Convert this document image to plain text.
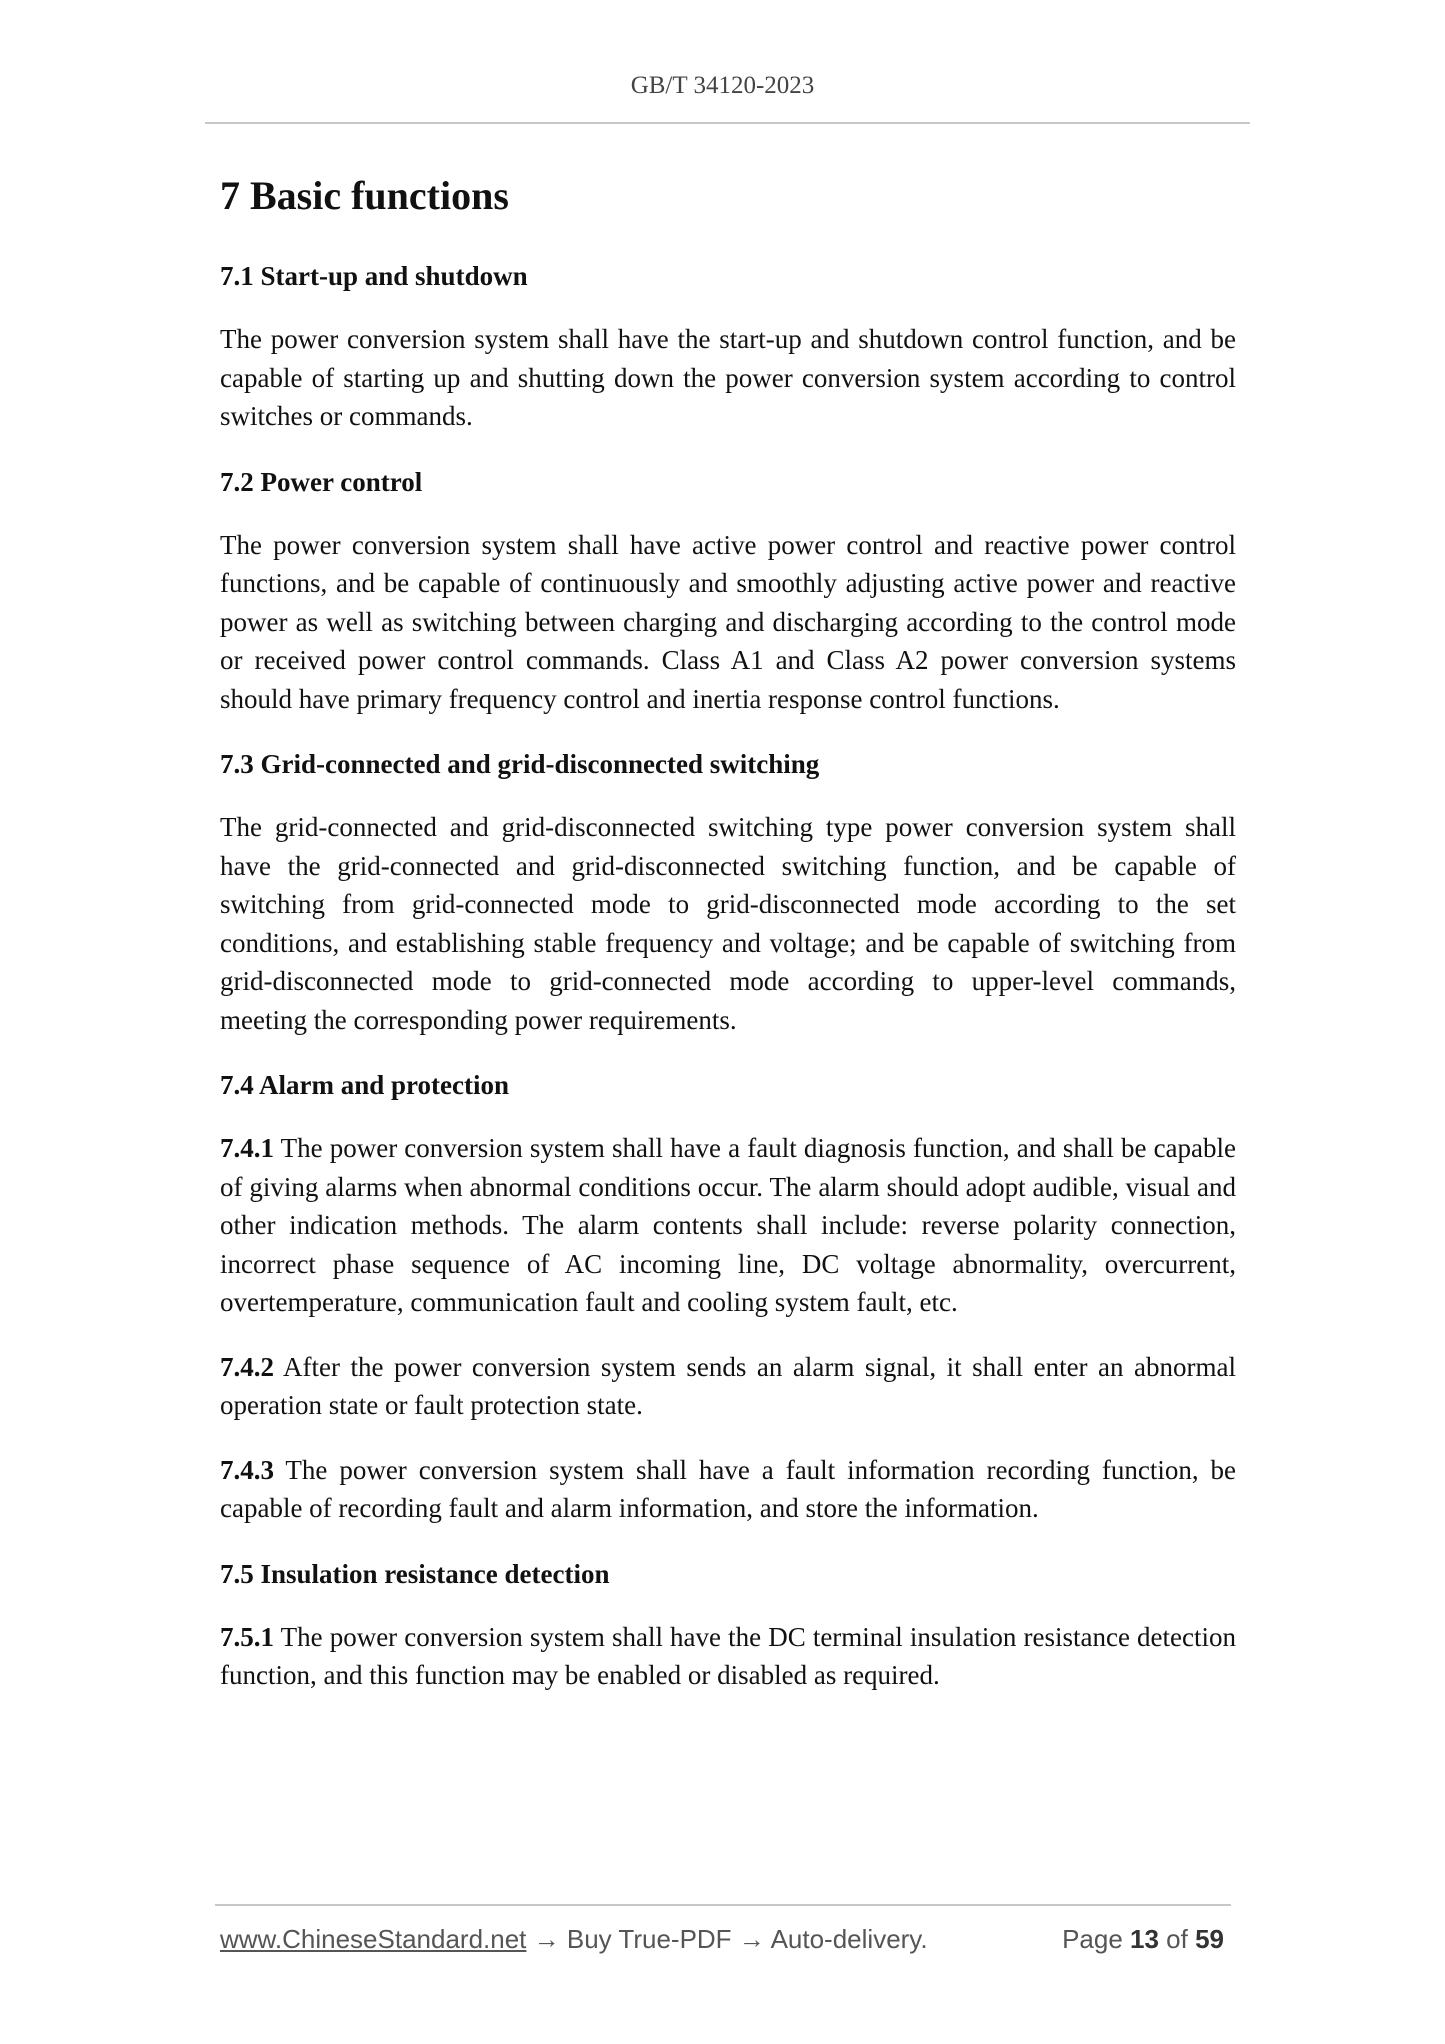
GB/T 34120-2023
7 Basic functions
7.1 Start-up and shutdown

The power conversion system shall have the start-up and shutdown control function, and be capable of starting up and shutting down the power conversion system according to control switches or commands.

7.2 Power control

The power conversion system shall have active power control and reactive power control functions, and be capable of continuously and smoothly adjusting active power and reactive power as well as switching between charging and discharging according to the control mode or received power control commands. Class A1 and Class A2 power conversion systems should have primary frequency control and inertia response control functions.

7.3 Grid-connected and grid-disconnected switching

The grid-connected and grid-disconnected switching type power conversion system shall have the grid-connected and grid-disconnected switching function, and be capable of switching from grid-connected mode to grid-disconnected mode according to the set conditions, and establishing stable frequency and voltage; and be capable of switching from grid-disconnected mode to grid-connected mode according to upper-level commands, meeting the corresponding power requirements.

7.4 Alarm and protection

7.4.1 The power conversion system shall have a fault diagnosis function, and shall be capable of giving alarms when abnormal conditions occur. The alarm should adopt audible, visual and other indication methods. The alarm contents shall include: reverse polarity connection, incorrect phase sequence of AC incoming line, DC voltage abnormality, overcurrent, overtemperature, communication fault and cooling system fault, etc.

7.4.2 After the power conversion system sends an alarm signal, it shall enter an abnormal operation state or fault protection state.

7.4.3 The power conversion system shall have a fault information recording function, be capable of recording fault and alarm information, and store the information.

7.5 Insulation resistance detection

7.5.1 The power conversion system shall have the DC terminal insulation resistance detection function, and this function may be enabled or disabled as required.

www.ChineseStandard.net → Buy True-PDF → Auto-delivery.	Page 13 of 59
